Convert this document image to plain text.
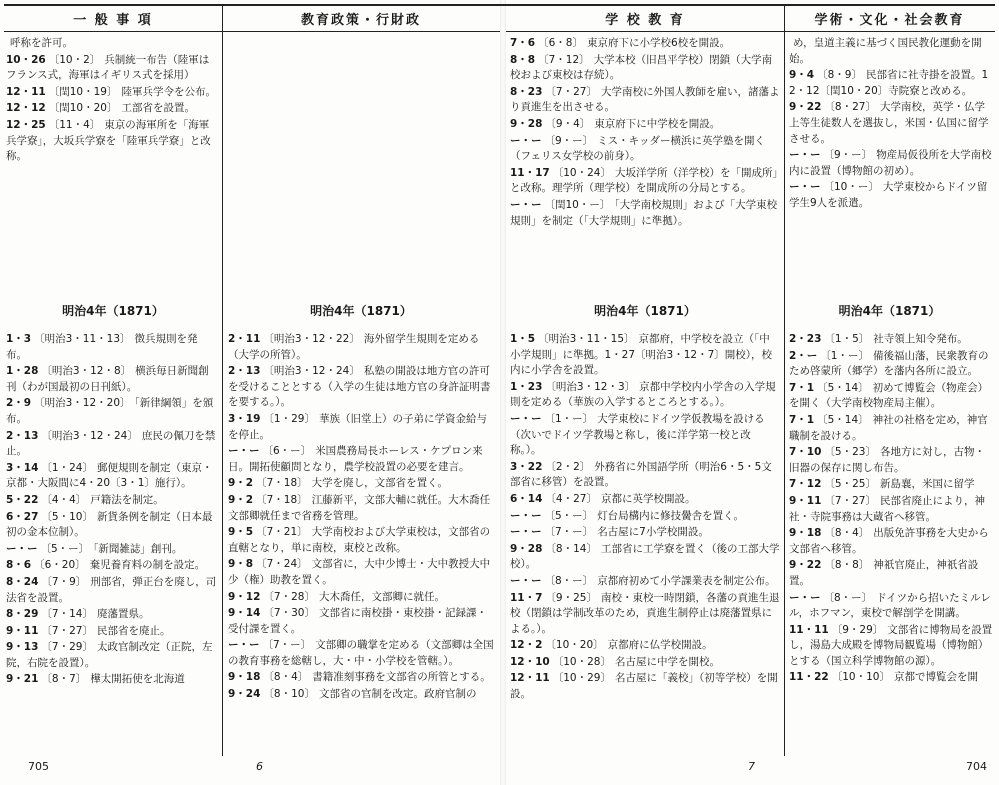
一 般 事 項	教育政策・行財政	学 校 教 育	学術・文化・社会教育
呼称を許可。
10・26 〔10・2〕 兵制統一布告（陸軍はフランス式，海軍はイギリス式を採用）
12・11 〔閏10・19〕 陸軍兵学令を公布。
12・12 〔閏10・20〕 工部省を設置。
12・25 〔11・4〕 東京の海軍所を「海軍兵学寮」，大坂兵学寮を「陸軍兵学寮」と改称。
7・6 〔6・8〕 東京府下に小学校6校を開設。
8・8 〔7・12〕 大学本校（旧昌平学校）閉鎖（大学南校および東校は存続）。
8・23 〔7・27〕 大学南校に外国人教師を雇い，諸藩より貢進生を出させる。
9・28 〔9・4〕 東京府下に中学校を開設。
ー・ー 〔9・ー〕 ミス・キッダー横浜に英学塾を開く（フェリス女学校の前身）。
11・17 〔10・24〕 大坂洋学所（洋学校）を「開成所」と改称。理学所（理学校）を開成所の分局とする。
ー・ー 〔閏10・ー〕 「大学南校規則」および「大学東校規則」を制定（「大学規則」に準拠）。
め，皇道主義に基づく国民教化運動を開始。
9・4 〔8・9〕 民部省に社寺掛を設置。12・12〔閏10・20〕寺院寮と改める。
9・22 〔8・27〕 大学南校，英学・仏学上等生徒数人を選抜し，米国・仏国に留学させる。
ー・ー 〔9・ー〕 物産局仮役所を大学南校内に設置（博物館の初め）。
ー・ー 〔10・ー〕 大学東校からドイツ留学生9人を派遣。
明治4年（1871）	明治4年（1871）	明治4年（1871）	明治4年（1871）
1・3 〔明治3・11・13〕 徴兵規則を発布。
1・28 〔明治3・12・8〕 横浜毎日新聞創刊（わが国最初の日刊紙）。
2・9 〔明治3・12・20〕 「新律綱領」を頒布。
2・13 〔明治3・12・24〕 庶民の佩刀を禁止。
3・14 〔1・24〕 郵便規則を制定（東京・京都・大阪間に4・20〔3・1〕施行）。
5・22 〔4・4〕 戸籍法を制定。
6・27 〔5・10〕 新貨条例を制定（日本最初の金本位制）。
ー・ー 〔5・ー〕 「新聞雑誌」創刊。
8・6 〔6・20〕 棄児養育料の制を設定。
8・24 〔7・9〕 刑部省，弾正台を廃し，司法省を設置。
8・29 〔7・14〕 廃藩置県。
9・11 〔7・27〕 民部省を廃止。
9・13 〔7・29〕 太政官制改定（正院，左院，右院を設置）。
9・21 〔8・7〕 樺太開拓使を北海道
2・11 〔明治3・12・22〕 海外留学生規則を定める（大学の所管）。
2・13 〔明治3・12・24〕 私塾の開設は地方官の許可を受けることとする（入学の生徒は地方官の身許証明書を要する。）。
3・19 〔1・29〕 華族（旧堂上）の子弟に学資金給与を停止。
ー・ー 〔6・ー〕 米国農務局長ホーレス・ケプロン来日。開拓使顧問となり，農学校設置の必要を建言。
9・2 〔7・18〕 大学を廃し，文部省を置く。
9・2 〔7・18〕 江藤新平，文部大輔に就任。大木喬任文部卿就任まで省務を管理。
9・5 〔7・21〕 大学南校および大学東校は，文部省の直轄となり，単に南校，東校と改称。
9・8 〔7・24〕 文部省に，大中少博士・大中教授大中少（権）助教を置く。
9・12 〔7・28〕 大木喬任，文部卿に就任。
9・14 〔7・30〕 文部省に南校掛・東校掛・記録課・受付課を置く。
ー・ー 〔7・ー〕 文部卿の職掌を定める（文部卿は全国の教育事務を総轄し，大・中・小学校を管轄。）。
9・18 〔8・4〕 書籍准刻事務を文部省の所管とする。
9・24 〔8・10〕 文部省の官制を改定。政府官制の
1・5 〔明治3・11・15〕 京都府，中学校を設立（「中小学規則」に準拠。1・27〔明治3・12・7〕開校），校内に小学舎を設置。
1・23 〔明治3・12・3〕 京都中学校内小学舎の入学規則を定める（華族の入学するところとする。）。
ー・ー 〔1・ー〕 大学東校にドイツ学仮教場を設ける（次いでドイツ学教場と称し，後に洋学第一校と改称。）。
3・22 〔2・2〕 外務省に外国語学所（明治6・5・5文部省に移管）を設置。
6・14 〔4・27〕 京都に英学校開設。
ー・ー 〔5・ー〕 灯台局構内に修技黌舎を置く。
ー・ー 〔7・ー〕 名古屋に7小学校開設。
9・28 〔8・14〕 工部省に工学寮を置く（後の工部大学校）。
ー・ー 〔8・ー〕 京都府初めて小学課業表を制定公布。
11・7 〔9・25〕 南校・東校一時閉鎖，各藩の貢進生退校（閉鎖は学制改革のため，貢進生制停止は廃藩置県による。）。
12・2 〔10・20〕 京都府に仏学校開設。
12・10 〔10・28〕 名古屋に中学を開校。
12・11 〔10・29〕 名古屋に「義校」（初等学校）を開設。
2・23 〔1・5〕 社寺領上知令発布。
2・ー 〔1・ー〕 備後福山藩，民衆教育のため啓蒙所（郷学）を藩内各所に設立。
7・1 〔5・14〕 初めて博覧会（物産会）を開く（大学南校物産局主催）。
7・1 〔5・14〕 神社の社格を定め，神官職制を設ける。
7・10 〔5・23〕 各地方に対し，古物・旧器の保存に関し布告。
7・12 〔5・25〕 新島襄，米国に留学
9・11 〔7・27〕 民部省廃止により，神社・寺院事務は大蔵省へ移管。
9・18 〔8・4〕 出版免許事務を大史から文部省へ移管。
9・22 〔8・8〕 神祇官廃止，神祇省設置。
ー・ー 〔8・ー〕 ドイツから招いたミルレル，ホフマン，東校で解剖学を開講。
11・11 〔9・29〕 文部省に博物局を設置し，湯島大成殿を博物局観覧場（博物館）とする（国立科学博物館の源）。
11・22 〔10・10〕 京都で博覧会を開
705	6	7	704
